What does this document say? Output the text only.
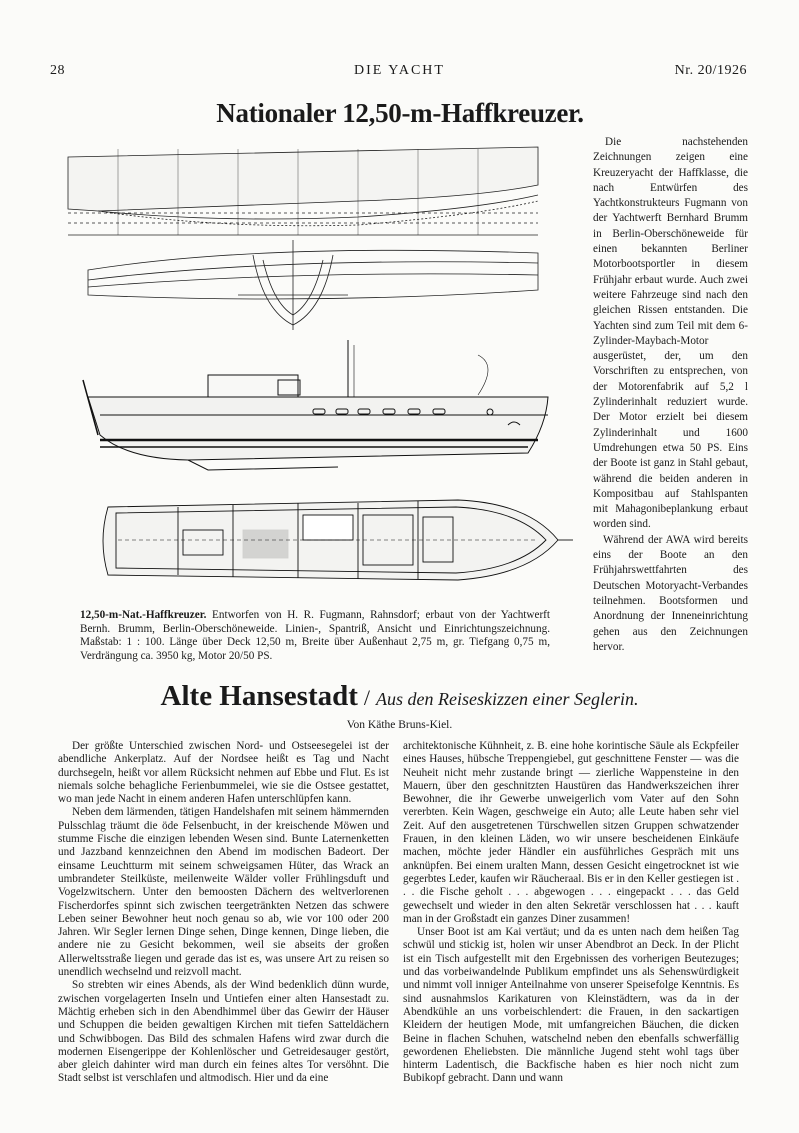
28	DIE YACHT	Nr. 20/1926
Nationaler 12,50-m-Haffkreuzer.

Die nachstehenden Zeichnungen zeigen eine Kreuzeryacht der Haffklasse, die nach Entwürfen des Yachtkonstrukteurs Fugmann von der Yachtwerft Bernhard Brumm in Berlin-Oberschöneweide für einen bekannten Berliner Motorbootsportler in diesem Frühjahr erbaut wurde. Auch zwei weitere Fahrzeuge sind nach den gleichen Rissen entstanden. Die Yachten sind zum Teil mit dem 6-Zylinder-Maybach-Motor ausgerüstet, der, um den Vorschriften zu entsprechen, von der Motorenfabrik auf 5,2 l Zylinderinhalt reduziert wurde. Der Motor erzielt bei diesem Zylinderinhalt und 1600 Umdrehungen etwa 50 PS. Eins der Boote ist ganz in Stahl gebaut, während die beiden anderen in Kompositbau auf Stahlspanten mit Mahagonibeplankung erbaut worden sind.

Während der AWA wird bereits eins der Boote an den Frühjahrswettfahrten des Deutschen Motoryacht-Verbandes teilnehmen. Bootsformen und Anordnung der Inneneinrichtung gehen aus den Zeichnungen hervor.

12,50-m-Nat.-Haffkreuzer. Entworfen von H. R. Fugmann, Rahnsdorf; erbaut von der Yachtwerft Bernh. Brumm, Berlin-Oberschöneweide. Linien-, Spantriß, Ansicht und Einrichtungszeichnung. Maßstab: 1 : 100. Länge über Deck 12,50 m, Breite über Außenhaut 2,75 m, gr. Tiefgang 0,75 m, Verdrängung ca. 3950 kg, Motor 20/50 PS.
Alte Hansestadt / Aus den Reiseskizzen einer Seglerin.
Von Käthe Bruns-Kiel.

Der größte Unterschied zwischen Nord- und Ostseesegelei ist der abendliche Ankerplatz. Auf der Nordsee heißt es Tag und Nacht durchsegeln, heißt vor allem Rücksicht nehmen auf Ebbe und Flut. Es ist niemals solche behagliche Ferienbummelei, wie sie die Ostsee gestattet, wo man jede Nacht in einem anderen Hafen unterschlüpfen kann.

Neben dem lärmenden, tätigen Handelshafen mit seinem hämmernden Pulsschlag träumt die öde Felsenbucht, in der kreischende Möwen und stumme Fische die einzigen lebenden Wesen sind. Bunte Laternenketten und Jazzband kennzeichnen den Abend im modischen Badeort. Der einsame Leuchtturm mit seinem schweigsamen Hüter, das Wrack an umbrandeter Steilküste, meilenweite Wälder voller Frühlingsduft und Vogelzwitschern. Unter den bemoosten Dächern des weltverlorenen Fischerdorfes spinnt sich zwischen teergetränkten Netzen das schwere Leben seiner Bewohner heut noch genau so ab, wie vor 100 oder 200 Jahren. Wir Segler lernen Dinge sehen, Dinge kennen, Dinge lieben, die andere nie zu Gesicht bekommen, weil sie abseits der großen Allerweltsstraße liegen und gerade das ist es, was unsere Art zu reisen so unendlich wechselnd und reizvoll macht.

So strebten wir eines Abends, als der Wind bedenklich dünn wurde, zwischen vorgelagerten Inseln und Untiefen einer alten Hansestadt zu. Mächtig erheben sich in den Abendhimmel über das Gewirr der Häuser und Schuppen die beiden gewaltigen Kirchen mit tiefen Satteldächern und Schwibbogen. Das Bild des schmalen Hafens wird zwar durch die modernen Eisengerippe der Kohlenlöscher und Getreidesauger gestört, aber gleich dahinter wird man durch ein feines altes Tor versöhnt. Die Stadt selbst ist verschlafen und altmodisch. Hier und da eine

architektonische Kühnheit, z. B. eine hohe korintische Säule als Eckpfeiler eines Hauses, hübsche Treppengiebel, gut geschnittene Fenster — was die Neuheit nicht mehr zustande bringt — zierliche Wappensteine in den Mauern, über den geschnitzten Haustüren das Handwerkszeichen ihrer Bewohner, die ihr Gewerbe unweigerlich vom Vater auf den Sohn vererbten. Kein Wagen, geschweige ein Auto; alle Leute haben sehr viel Zeit. Auf den ausgetretenen Türschwellen sitzen Gruppen schwatzender Frauen, in den kleinen Läden, wo wir unsere bescheidenen Einkäufe machen, möchte jeder Händler ein ausführliches Gespräch mit uns anknüpfen. Bei einem uralten Mann, dessen Gesicht eingetrocknet ist wie gegerbtes Leder, kaufen wir Räucheraal. Bis er in den Keller gestiegen ist . . . die Fische geholt . . . abgewogen . . . eingepackt . . . das Geld gewechselt und wieder in den alten Sekretär verschlossen hat . . . kauft man in der Großstadt ein ganzes Diner zusammen!

Unser Boot ist am Kai vertäut; und da es unten nach dem heißen Tag schwül und stickig ist, holen wir unser Abendbrot an Deck. In der Plicht ist ein Tisch aufgestellt mit den Ergebnissen des vorherigen Beutezuges; und das vorbeiwandelnde Publikum empfindet uns als Sehenswürdigkeit und nimmt voll inniger Anteilnahme von unserer Speisefolge Kenntnis. Es sind ausnahmslos Karikaturen von Kleinstädtern, was da in der Abendkühle an uns vorbeischlendert: die Frauen, in den sackartigen Kleidern der heutigen Mode, mit umfangreichen Bäuchen, die dicken Beine in flachen Schuhen, watschelnd neben den ebenfalls schwerfällig gewordenen Eheliebsten. Die männliche Jugend steht wohl tags über hinterm Ladentisch, die Backfische haben es hier noch nicht zum Bubikopf gebracht. Dann und wann
